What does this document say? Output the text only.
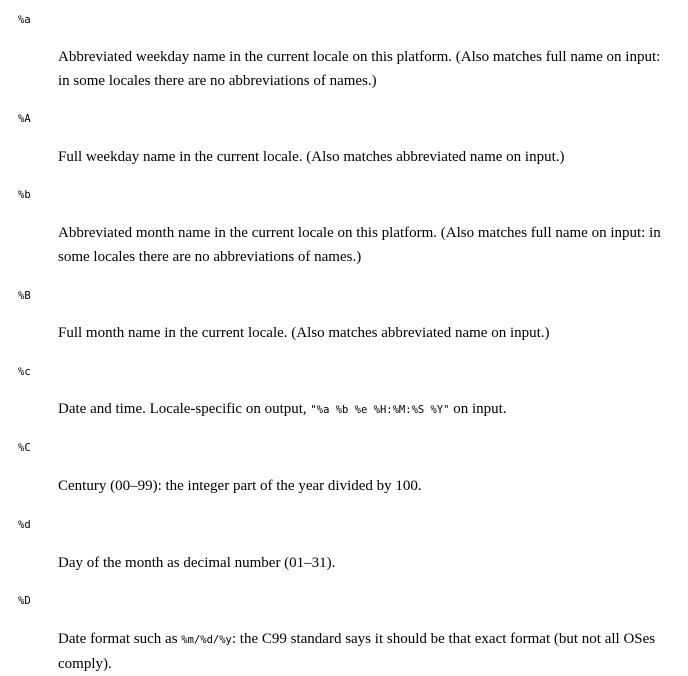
%a
Abbreviated weekday name in the current locale on this platform. (Also matches full name on input: in some locales there are no abbreviations of names.)
%A
Full weekday name in the current locale. (Also matches abbreviated name on input.)
%b
Abbreviated month name in the current locale on this platform. (Also matches full name on input: in some locales there are no abbreviations of names.)
%B
Full month name in the current locale. (Also matches abbreviated name on input.)
%c
Date and time. Locale-specific on output, "%a %b %e %H:%M:%S %Y" on input.
%C
Century (00–99): the integer part of the year divided by 100.
%d
Day of the month as decimal number (01–31).
%D
Date format such as %m/%d/%y: the C99 standard says it should be that exact format (but not all OSes comply).
